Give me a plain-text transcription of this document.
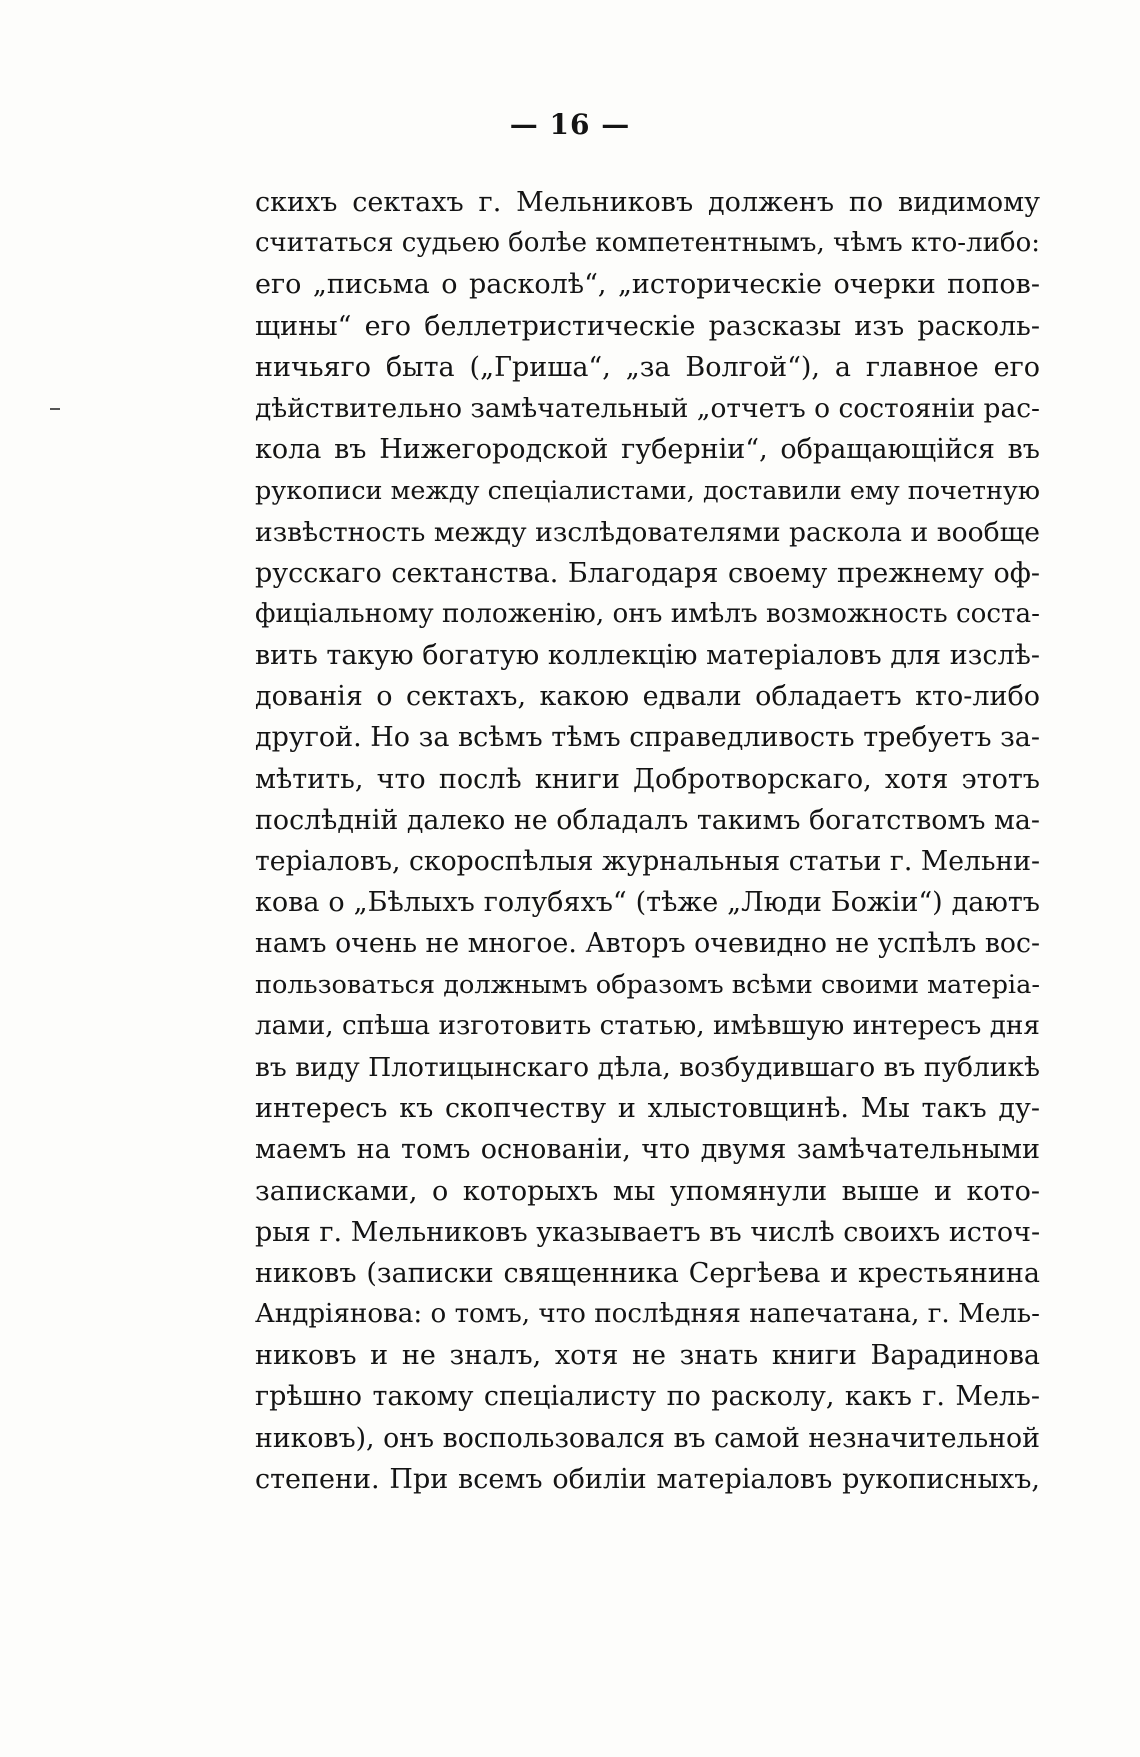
— 16 —
скихъ сектахъ г. Мельниковъ долженъ по видимому
считаться судьею болѣе компетентнымъ, чѣмъ кто-либо:
его „письма о расколѣ“, „историческіе очерки попов-
щины“ его беллетристическіе разсказы изъ расколь-
ничьяго быта („Гриша“, „за Волгой“), а главное его
дѣйствительно замѣчательный „отчетъ о состояніи рас-
кола въ Нижегородской губерніи“, обращающійся въ
рукописи между спеціалистами, доставили ему почетную
извѣстность между изслѣдователями раскола и вообще
русскаго сектанства. Благодаря своему прежнему оф-
фиціальному положенію, онъ имѣлъ возможность соста-
вить такую богатую коллекцію матеріаловъ для изслѣ-
дованія о сектахъ, какою едвали обладаетъ кто-либо
другой. Но за всѣмъ тѣмъ справедливость требуетъ за-
мѣтить, что послѣ книги Добротворскаго, хотя этотъ
послѣдній далеко не обладалъ такимъ богатствомъ ма-
теріаловъ, скороспѣлыя журнальныя статьи г. Мельни-
кова о „Бѣлыхъ голубяхъ“ (тѣже „Люди Божіи“) даютъ
намъ очень не многое. Авторъ очевидно не успѣлъ вос-
пользоваться должнымъ образомъ всѣми своими матеріа-
лами, спѣша изготовить статью, имѣвшую интересъ дня
въ виду Плотицынскаго дѣла, возбудившаго въ публикѣ
интересъ къ скопчеству и хлыстовщинѣ. Мы такъ ду-
маемъ на томъ основаніи, что двумя замѣчательными
записками, о которыхъ мы упомянули выше и кото-
рыя г. Мельниковъ указываетъ въ числѣ своихъ источ-
никовъ (записки священника Сергѣева и крестьянина
Андріянова: о томъ, что послѣдняя напечатана, г. Мель-
никовъ и не зналъ, хотя не знать книги Варадинова
грѣшно такому спеціалисту по расколу, какъ г. Мель-
никовъ), онъ воспользовался въ самой незначительной
степени. При всемъ обиліи матеріаловъ рукописныхъ,
